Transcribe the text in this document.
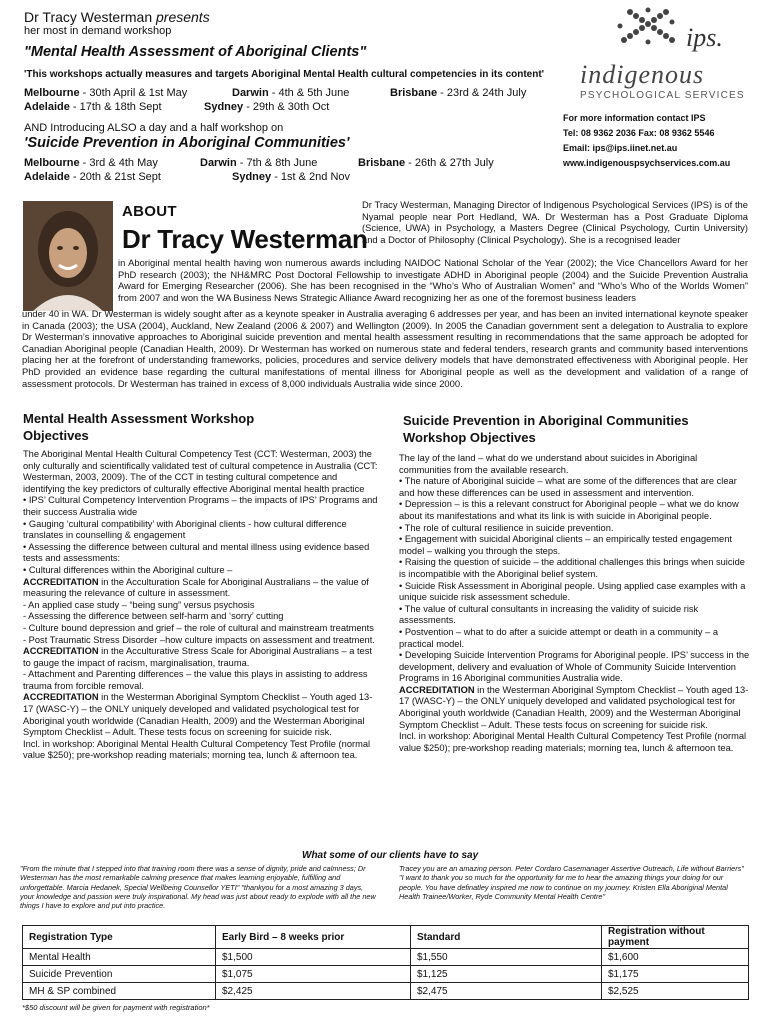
Dr Tracy Westerman presents
her most in demand workshop
"Mental Health Assessment of Aboriginal Clients"
'This workshops actually measures and targets Aboriginal Mental Health cultural competencies in its content'
Melbourne - 30th April & 1st May	Darwin - 4th & 5th June	Brisbane - 23rd & 24th July
Adelaide - 17th & 18th Sept	Sydney - 29th & 30th Oct
AND Introducing ALSO a day and a half workshop on
'Suicide Prevention in Aboriginal Communities'
Melbourne - 3rd & 4th May	Darwin - 7th & 8th June	Brisbane - 26th & 27th July
Adelaide - 20th & 21st Sept	Sydney - 1st & 2nd Nov
ips.
indigenous
PSYCHOLOGICAL SERVICES
For more information contact IPS
Tel: 08 9362 2036 Fax: 08 9362 5546
Email: ips@ips.iinet.net.au
www.indigenouspsychservices.com.au
ABOUT
Dr Tracy Westerman
Dr Tracy Westerman, Managing Director of Indigenous Psychological Services (IPS) is of the Nyamal people near Port Hedland, WA. Dr Westerman has a Post Graduate Diploma (Science, UWA) in Psychology, a Masters Degree (Clinical Psychology, Curtin University) and a Doctor of Philosophy (Clinical Psychology). She is a recognised leader
in Aboriginal mental health having won numerous awards including NAIDOC National Scholar of the Year (2002); the Vice Chancellors Award for her PhD research (2003); the NH&MRC Post Doctoral Fellowship to investigate ADHD in Aboriginal people (2004) and the Suicide Prevention Australia Award for Emerging Researcher (2006). She has been recognised in the “Who’s Who of Australian Women” and “Who’s Who of the Worlds Women” from 2007 and won the WA Business News Strategic Alliance Award recognizing her as one of the foremost business leaders
under 40 in WA. Dr Westerman is widely sought after as a keynote speaker in Australia averaging 6 addresses per year, and has been an invited international keynote speaker in Canada (2003); the USA (2004), Auckland, New Zealand (2006 & 2007) and Wellington (2009). In 2005 the Canadian government sent a delegation to Australia to explore Dr Westerman’s innovative approaches to Aboriginal suicide prevention and mental health assessment resulting in recommendations that the same approach be adopted for Canadian Aboriginal people (Canadian Health, 2009). Dr Westerman has worked on numerous state and federal tenders, research grants and community based interventions placing her at the forefront of understanding frameworks, policies, procedures and service delivery models that have demonstrated effectiveness with Aboriginal people. Her PhD provided an evidence base regarding the cultural manifestations of mental illness for Aboriginal people as well as the development and validation of a range of assessment protocols. Dr Westerman has trained in excess of 8,000 individuals Australia wide since 2000.
Mental Health Assessment Workshop
Objectives

The Aboriginal Mental Health Cultural Competency Test (CCT: Westerman, 2003) the only culturally and scientifically validated test of cultural competence in Australia (CCT: Westerman, 2003, 2009). The of the CCT in testing cultural competence and identifying the key predictors of culturally effective Aboriginal mental health practice

• IPS’ Cultural Competency Intervention Programs – the impacts of IPS’ Programs and their success Australia wide

• Gauging ‘cultural compatibility’ with Aboriginal clients - how cultural difference translates in counselling & engagement

• Assessing the difference between cultural and mental illness using evidence based tests and assessments:

• Cultural differences within the Aboriginal culture –

ACCREDITATION in the Acculturation Scale for Aboriginal Australians – the value of measuring the relevance of culture in assessment.

- An applied case study – “being sung” versus psychosis

- Assessing the difference between self-harm and ‘sorry’ cutting

- Culture bound depression and grief – the role of cultural and mainstream treatments

- Post Traumatic Stress Disorder –how culture impacts on assessment and treatment.

ACCREDITATION in the Acculturative Stress Scale for Aboriginal Australians – a test to gauge the impact of racism, marginalisation, trauma.

- Attachment and Parenting differences – the value this plays in assisting to address trauma from forcible removal.

ACCREDITATION in the Westerman Aboriginal Symptom Checklist – Youth aged 13-17 (WASC-Y) – the ONLY uniquely developed and validated psychological test for Aboriginal youth worldwide (Canadian Health, 2009) and the Westerman Aboriginal Symptom Checklist – Adult. These tests focus on screening for suicide risk.

Incl. in workshop: Aboriginal Mental Health Cultural Competency Test Profile (normal value $250); pre-workshop reading materials; morning tea, lunch & afternoon tea.

Suicide Prevention in Aboriginal Communities
Workshop Objectives

The lay of the land – what do we understand about suicides in Aboriginal communities from the available research.

• The nature of Aboriginal suicide – what are some of the differences that are clear and how these differences can be used in assessment and intervention.

• Depression – is this a relevant construct for Aboriginal people – what we do know about its manifestations and what its link is with suicide in Aboriginal people.

• The role of cultural resilience in suicide prevention.

• Engagement with suicidal Aboriginal clients – an empirically tested engagement model – walking you through the steps.

• Raising the question of suicide – the additional challenges this brings when suicide is incompatible with the Aboriginal belief system.

• Suicide Risk Assessment in Aboriginal people. Using applied case examples with a unique suicide risk assessment schedule.

• The value of cultural consultants in increasing the validity of suicide risk assessments.

• Postvention – what to do after a suicide attempt or death in a community – a practical model.

• Developing Suicide Intervention Programs for Aboriginal people. IPS’ success in the development, delivery and evaluation of Whole of Community Suicide Intervention Programs in 16 Aboriginal communities Australia wide.

ACCREDITATION in the Westerman Aboriginal Symptom Checklist – Youth aged 13-17 (WASC-Y) – the ONLY uniquely developed and validated psychological test for Aboriginal youth worldwide (Canadian Health, 2009) and the Westerman Aboriginal Symptom Checklist – Adult. These tests focus on screening for suicide risk.

Incl. in workshop: Aboriginal Mental Health Cultural Competency Test Profile (normal value $250); pre-workshop reading materials; morning tea, lunch & afternoon tea.

What some of our clients have to say
"From the minute that I stepped into that training room there was a sense of dignity, pride and calmness; Dr Westerman has the most remarkable calming presence that makes learning enjoyable, fulfilling and unforgettable. Marcia Hedanek, Special Wellbeing Counsellor YETI" "thankyou for a most amazing 3 days, your knowledge and passion were truly inspirational. My head was just about ready to explode with all the new things I have to explore and put into practice.
Tracey you are an amazing person. Peter Cordaro Casemanager Assertive Outreach, Life without Barriers" "I want to thank you so much for the opportunity for me to hear the amazing things your doing for our people. You have definatley inspired me now to continue on my journey. Kristen Ella Aboriginal Mental Health Trainee/Worker, Ryde Community Mental Health Centre"
Registration Type	Early Bird – 8 weeks prior	Standard	Registration without payment
Mental Health	$1,500	$1,550	$1,600
Suicide Prevention	$1,075	$1,125	$1,175
MH & SP combined	$2,425	$2,475	$2,525
*$50 discount will be given for payment with registration*
